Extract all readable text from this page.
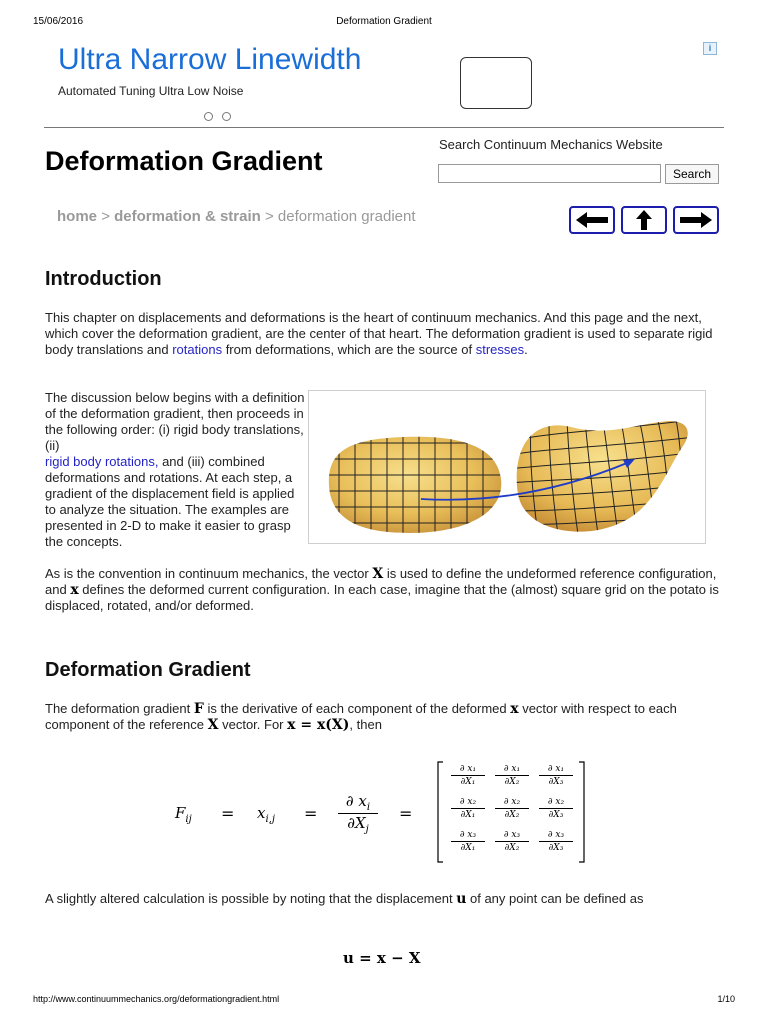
15/06/2016	Deformation Gradient
Ultra Narrow Linewidth
Automated Tuning Ultra Low Noise
i
Deformation Gradient
Search Continuum Mechanics Website
Search
home > deformation & strain > deformation gradient
Introduction

This chapter on displacements and deformations is the heart of continuum mechanics. And this page and the next, which cover the deformation gradient, are the center of that heart. The deformation gradient is used to separate rigid body translations and rotations from deformations, which are the source of stresses.

The discussion below begins with a definition of the deformation gradient, then proceeds in the following order: (i) rigid body translations, (ii)
rigid body rotations, and (iii) combined deformations and rotations. At each step, a gradient of the displacement field is applied to analyze the situation. The examples are presented in 2-D to make it easier to grasp the concepts.

As is the convention in continuum mechanics, the vector X is used to define the undeformed reference configuration, and x defines the deformed current configuration. In each case, imagine that the (almost) square grid on the potato is displaced, rotated, and/or deformed.

Deformation Gradient

The deformation gradient F is the derivative of each component of the deformed x vector with respect to each component of the reference X vector. For x = x(X), then

$F_{ij} = x_{i,j}$ =
∂ $x_i$
$\partial X_j$
=
∂ x₁
∂X₁
∂ x₁
∂X₂
∂ x₁
∂X₃
∂ x₂
∂X₁
∂ x₂
∂X₂
∂ x₂
∂X₃
∂ x₃
∂X₁
∂ x₃
∂X₂
∂ x₃
∂X₃

A slightly altered calculation is possible by noting that the displacement u of any point can be defined as

u = x − X
http://www.continuummechanics.org/deformationgradient.html	1/10
